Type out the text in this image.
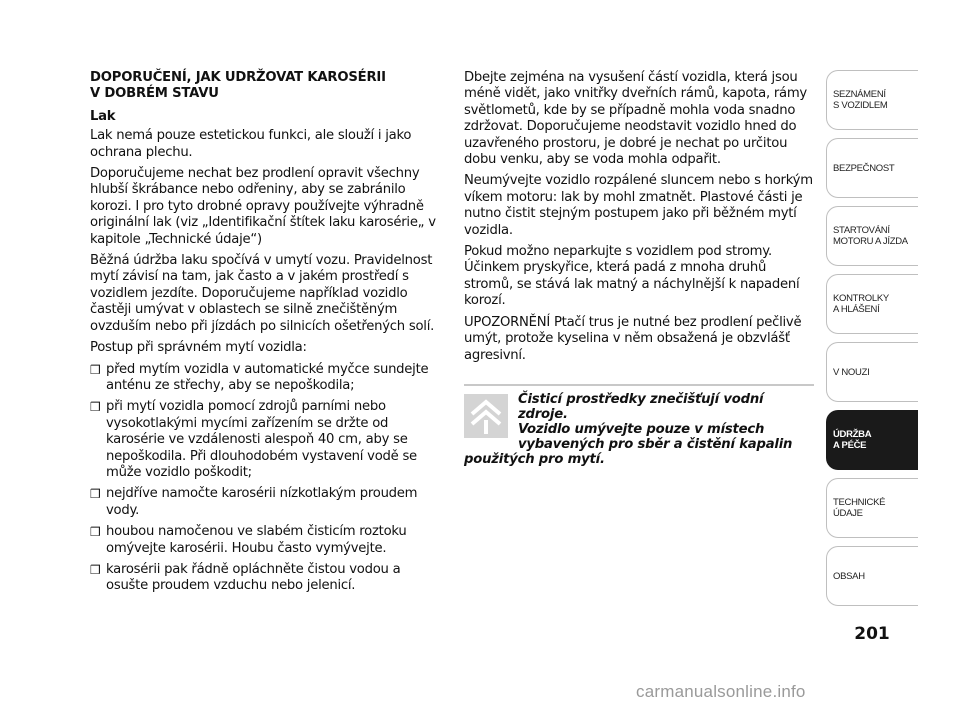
DOPORUČENÍ, JAK UDRŽOVAT KAROSÉRII
V DOBRÉM STAVU
Lak

Lak nemá pouze estetickou funkci, ale slouží i jako ochrana plechu.

Doporučujeme nechat bez prodlení opravit všechny hlubší škrábance nebo odřeniny, aby se zabránilo korozi. I pro tyto drobné opravy používejte výhradně originální lak (viz „Identifikační štítek laku karosérie„ v kapitole „Technické údaje“)

Běžná údržba laku spočívá v umytí vozu. Pravidelnost mytí závisí na tam, jak často a v jakém prostředí s vozidlem jezdíte. Doporučujeme například vozidlo častěji umývat v oblastech se silně znečištěným ovzduším nebo při jízdách po silnicích ošetřených solí.

Postup při správném mytí vozidla:

❒ před mytím vozidla v automatické myčce sundejte anténu ze střechy, aby se nepoškodila;
❒ při mytí vozidla pomocí zdrojů parními nebo vysokotlakými mycími zařízením se držte od karosérie ve vzdálenosti alespoň 40 cm, aby se nepoškodila. Při dlouhodobém vystavení vodě se může vozidlo poškodit;
❒ nejdříve namočte karosérii nízkotlakým proudem vody.
❒ houbou namočenou ve slabém čisticím roztoku omývejte karosérii. Houbu často vymývejte.
❒ karosérii pak řádně opláchněte čistou vodou a osušte proudem vzduchu nebo jelenicí.

Dbejte zejména na vysušení částí vozidla, která jsou méně vidět, jako vnitřky dveřních rámů, kapota, rámy světlometů, kde by se případně mohla voda snadno zdržovat. Doporučujeme neodstavit vozidlo hned do uzavřeného prostoru, je dobré je nechat po určitou dobu venku, aby se voda mohla odpařit.

Neumývejte vozidlo rozpálené sluncem nebo s horkým víkem motoru: lak by mohl zmatnět. Plastové části je nutno čistit stejným postupem jako při běžném mytí vozidla.

Pokud možno neparkujte s vozidlem pod stromy. Účinkem pryskyřice, která padá z mnoha druhů stromů, se stává lak matný a náchylnější k napadení korozí.

UPOZORNĚNÍ Ptačí trus je nutné bez prodlení pečlivě umýt, protože kyselina v něm obsažená je obzvlášť agresivní.

Čisticí prostředky znečišťují vodní zdroje.
Vozidlo umývejte pouze v místech
vybavených pro sběr a čistění kapalin
použitých pro mytí.
SEZNÁMENÍ
S VOZIDLEM
BEZPEČNOST
STARTOVÁNÍ
MOTORU A JÍZDA
KONTROLKY
A HLÁŠENÍ
V NOUZI
ÚDRŽBA
A PÉČE
TECHNICKÉ
ÚDAJE
OBSAH
201
carmanualsonline.info
